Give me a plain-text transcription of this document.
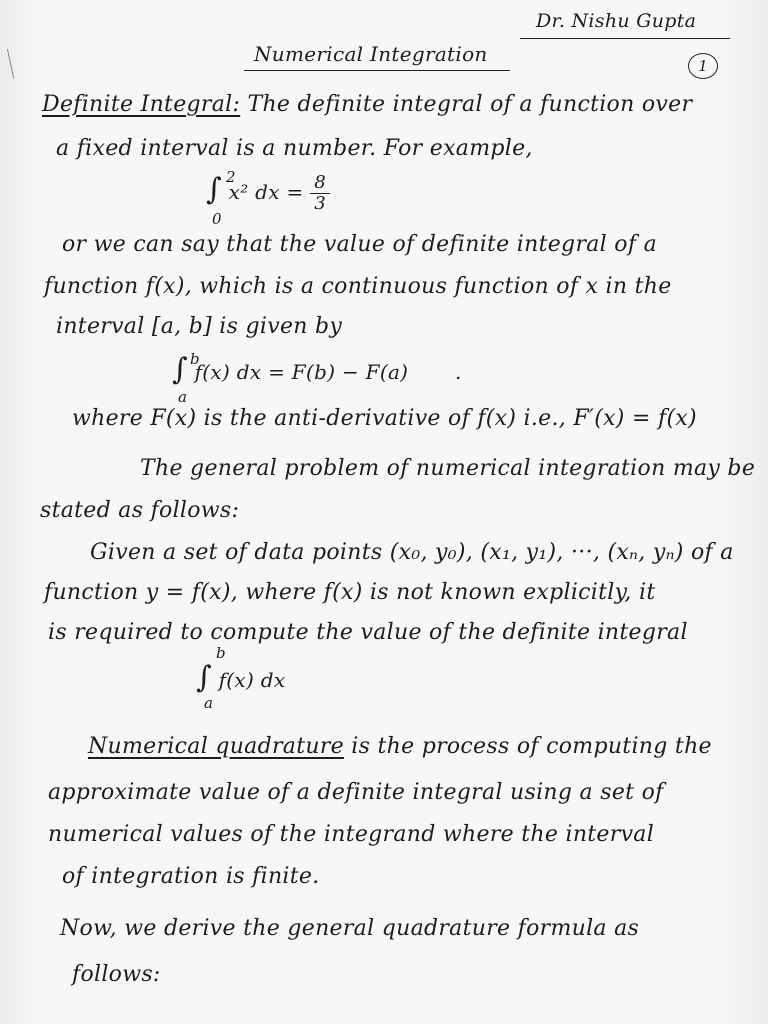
Dr. Nishu Gupta
Numerical Integration	1
Definite Integral: The definite integral of a function over
a fixed interval is a number. For example,
∫ x² dx = $\frac{8}{3}$
2
0
or we can say that the value of definite integral of a
function f(x), which is a continuous function of x in the
interval [a, b] is given by
∫ f(x) dx = F(b) − F(a) .
b
a
where F(x) is the anti-derivative of f(x) i.e., F′(x) = f(x)
The general problem of numerical integration may be
stated as follows:
Given a set of data points (x₀, y₀), (x₁, y₁), ···, (xₙ, yₙ) of a
function y = f(x), where f(x) is not known explicitly, it
is required to compute the value of the definite integral
∫ f(x) dx
b
a
Numerical quadrature is the process of computing the
approximate value of a definite integral using a set of
numerical values of the integrand where the interval
of integration is finite.
Now, we derive the general quadrature formula as
follows:
